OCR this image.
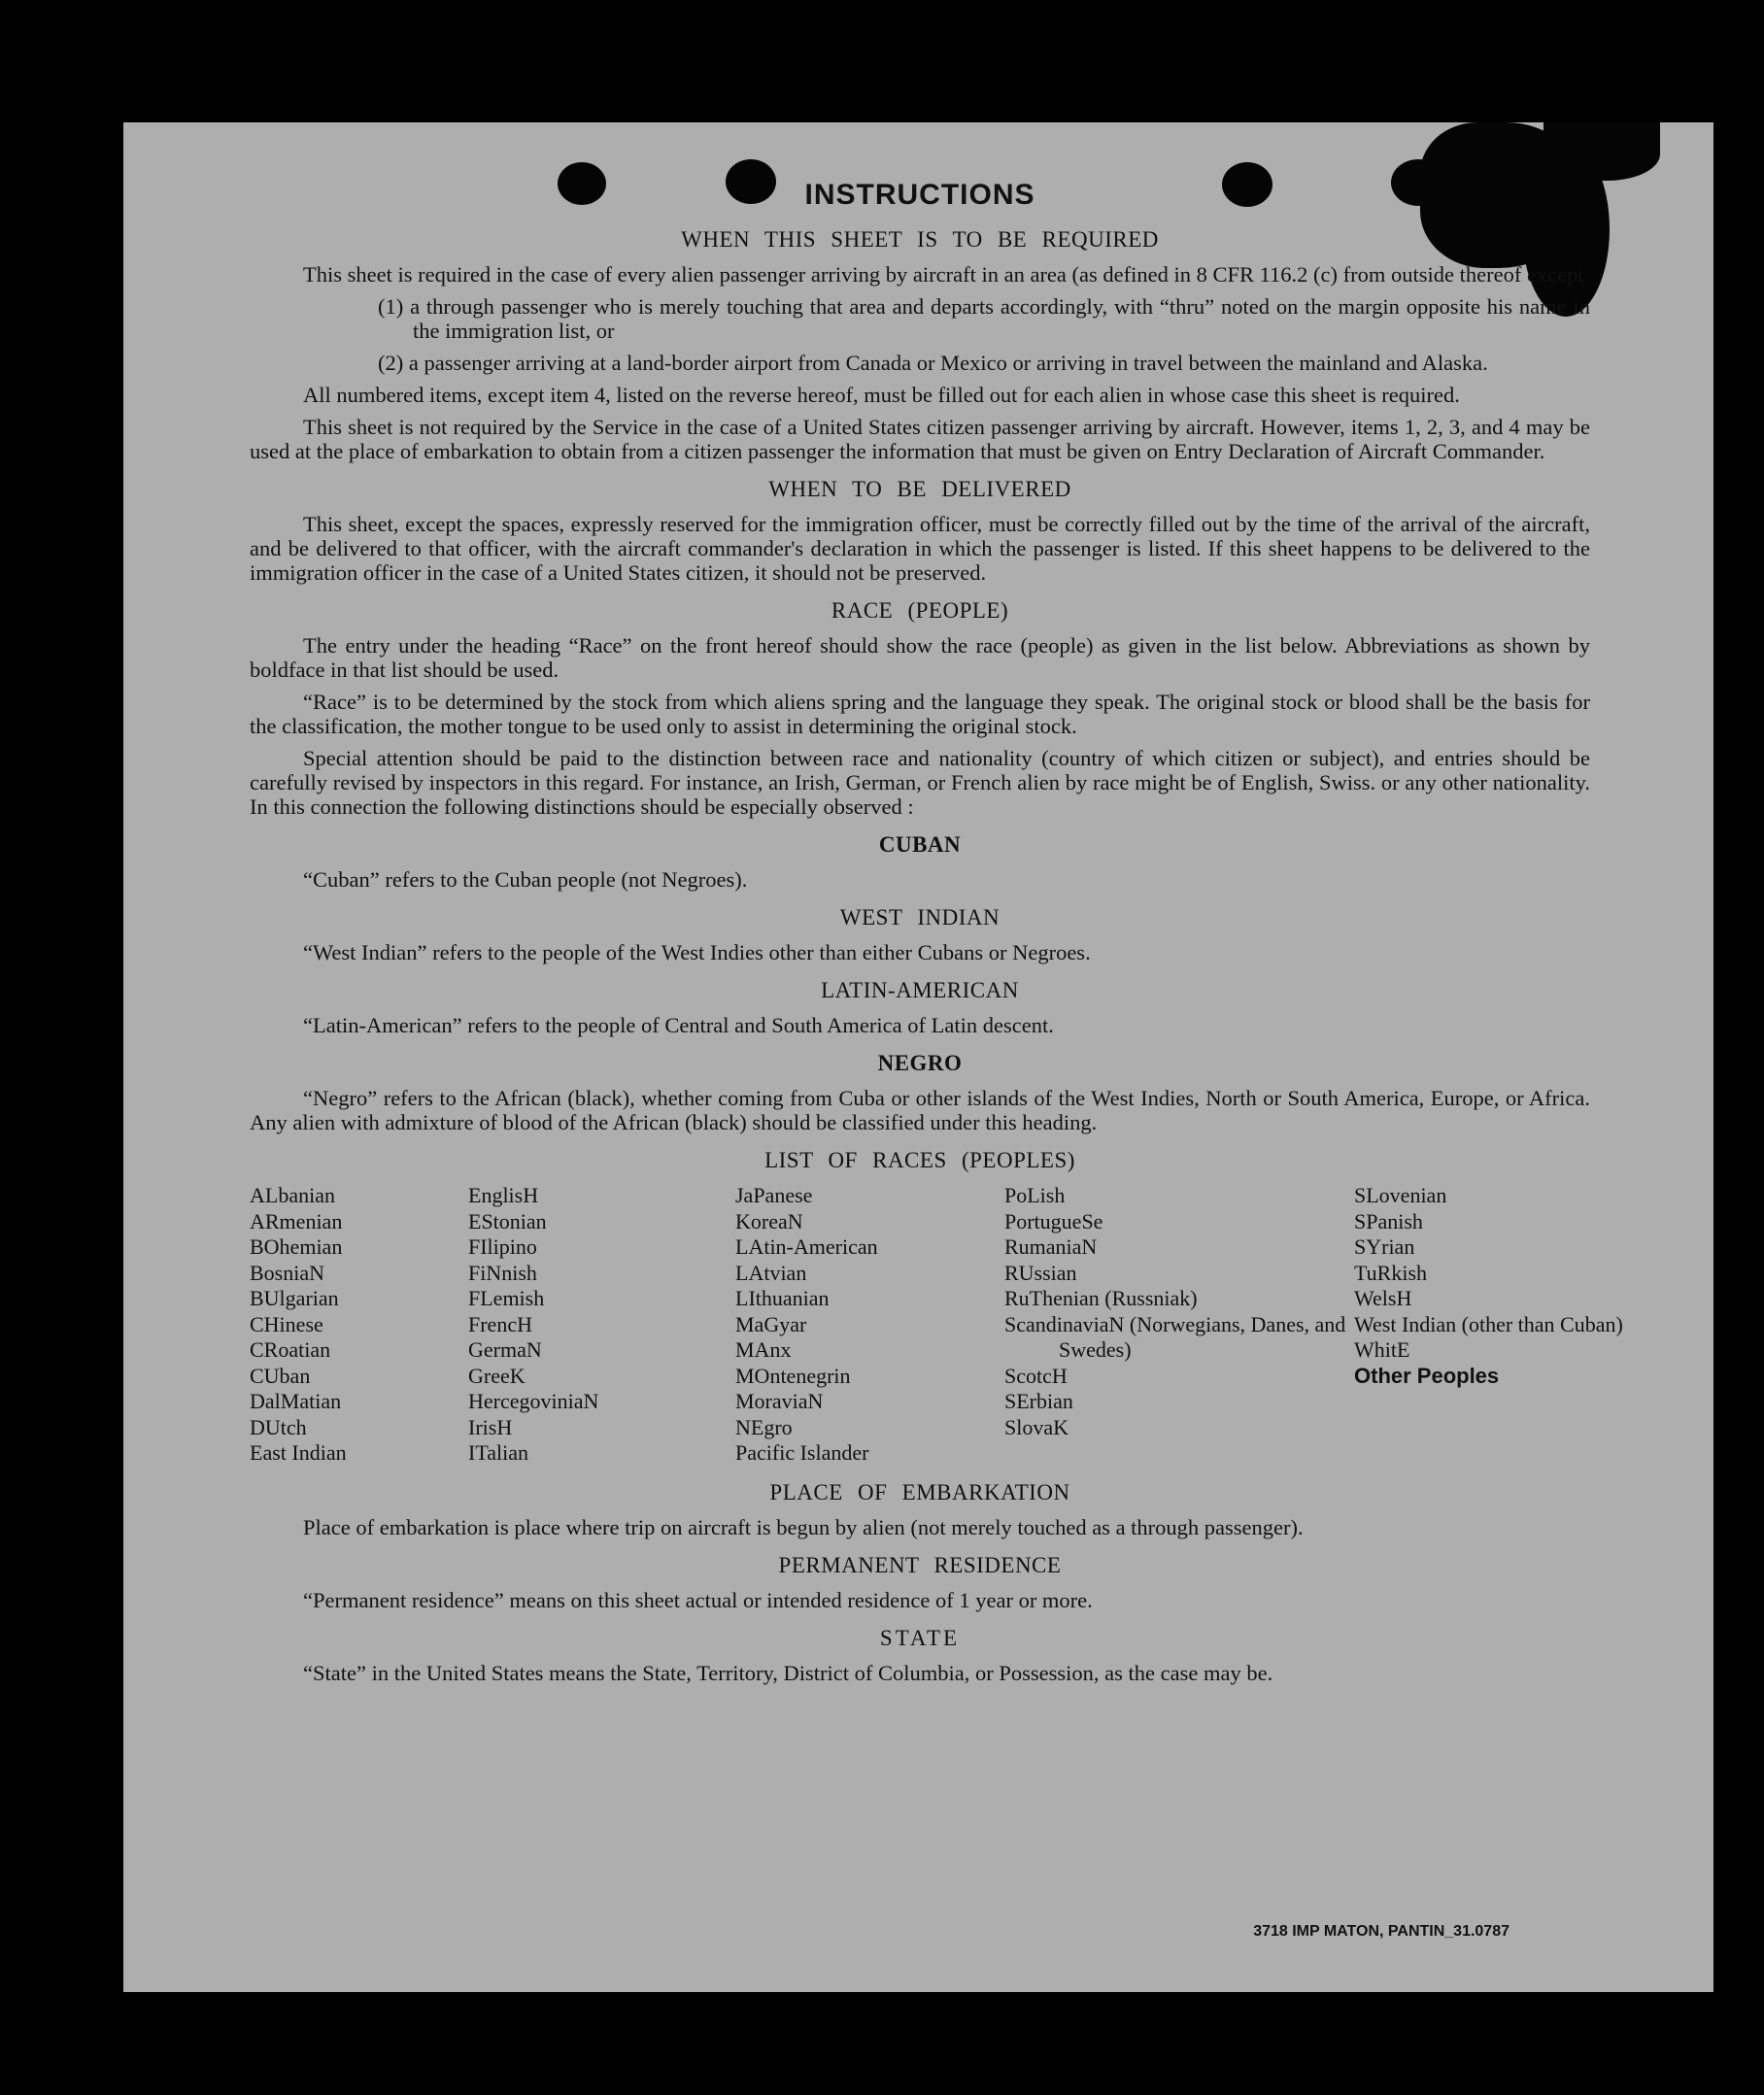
INSTRUCTIONS
WHEN THIS SHEET IS TO BE REQUIRED

This sheet is required in the case of every alien passenger arriving by aircraft in an area (as defined in 8 CFR 116.2 (c) from outside thereof except

(1) a through passenger who is merely touching that area and departs accordingly, with “thru” noted on the margin opposite his name in the immigration list, or

(2) a passenger arriving at a land-border airport from Canada or Mexico or arriving in travel between the mainland and Alaska.

All numbered items, except item 4, listed on the reverse hereof, must be filled out for each alien in whose case this sheet is required.

This sheet is not required by the Service in the case of a United States citizen passenger arriving by aircraft. However, items 1, 2, 3, and 4 may be used at the place of embarkation to obtain from a citizen passenger the information that must be given on Entry Declaration of Aircraft Commander.

WHEN TO BE DELIVERED

This sheet, except the spaces, expressly reserved for the immigration officer, must be correctly filled out by the time of the arrival of the aircraft, and be delivered to that officer, with the aircraft commander's declaration in which the passenger is listed. If this sheet happens to be delivered to the immigration officer in the case of a United States citizen, it should not be preserved.

RACE (PEOPLE)

The entry under the heading “Race” on the front hereof should show the race (people) as given in the list below. Abbreviations as shown by boldface in that list should be used.

“Race” is to be determined by the stock from which aliens spring and the language they speak. The original stock or blood shall be the basis for the classification, the mother tongue to be used only to assist in determining the original stock.

Special attention should be paid to the distinction between race and nationality (country of which citizen or subject), and entries should be carefully revised by inspectors in this regard. For instance, an Irish, German, or French alien by race might be of English, Swiss. or any other nationality. In this connection the following distinctions should be especially observed :

CUBAN

“Cuban” refers to the Cuban people (not Negroes).

WEST INDIAN

“West Indian” refers to the people of the West Indies other than either Cubans or Negroes.

LATIN-AMERICAN

“Latin-American” refers to the people of Central and South America of Latin descent.

NEGRO

“Negro” refers to the African (black), whether coming from Cuba or other islands of the West Indies, North or South America, Europe, or Africa. Any alien with admixture of blood of the African (black) should be classified under this heading.

LIST OF RACES (PEOPLES)
ALbanian
ARmenian
BOhemian
BosniaN
BUlgarian
CHinese
CRoatian
CUban
DalMatian
DUtch
East Indian
EnglisH
EStonian
FIlipino
FiNnish
FLemish
FrencH
GermaN
GreeK
HercegoviniaN
IrisH
ITalian
JaPanese
KoreaN
LAtin-American
LAtvian
LIthuanian
MaGyar
MAnx
MOntenegrin
MoraviaN
NEgro
Pacific Islander
PoLish
PortugueSe
RumaniaN
RUssian
RuThenian (Russniak)
ScandinaviaN (Norwegians, Danes, and Swedes)
ScotcH
SErbian
SlovaK
SLovenian
SPanish
SYrian
TuRkish
WelsH
West Indian (other than Cuban)
WhitE
Other Peoples
PLACE OF EMBARKATION

Place of embarkation is place where trip on aircraft is begun by alien (not merely touched as a through passenger).

PERMANENT RESIDENCE

“Permanent residence” means on this sheet actual or intended residence of 1 year or more.

STATE

“State” in the United States means the State, Territory, District of Columbia, or Possession, as the case may be.

3718 IMP MATON, PANTIN_31.0787
